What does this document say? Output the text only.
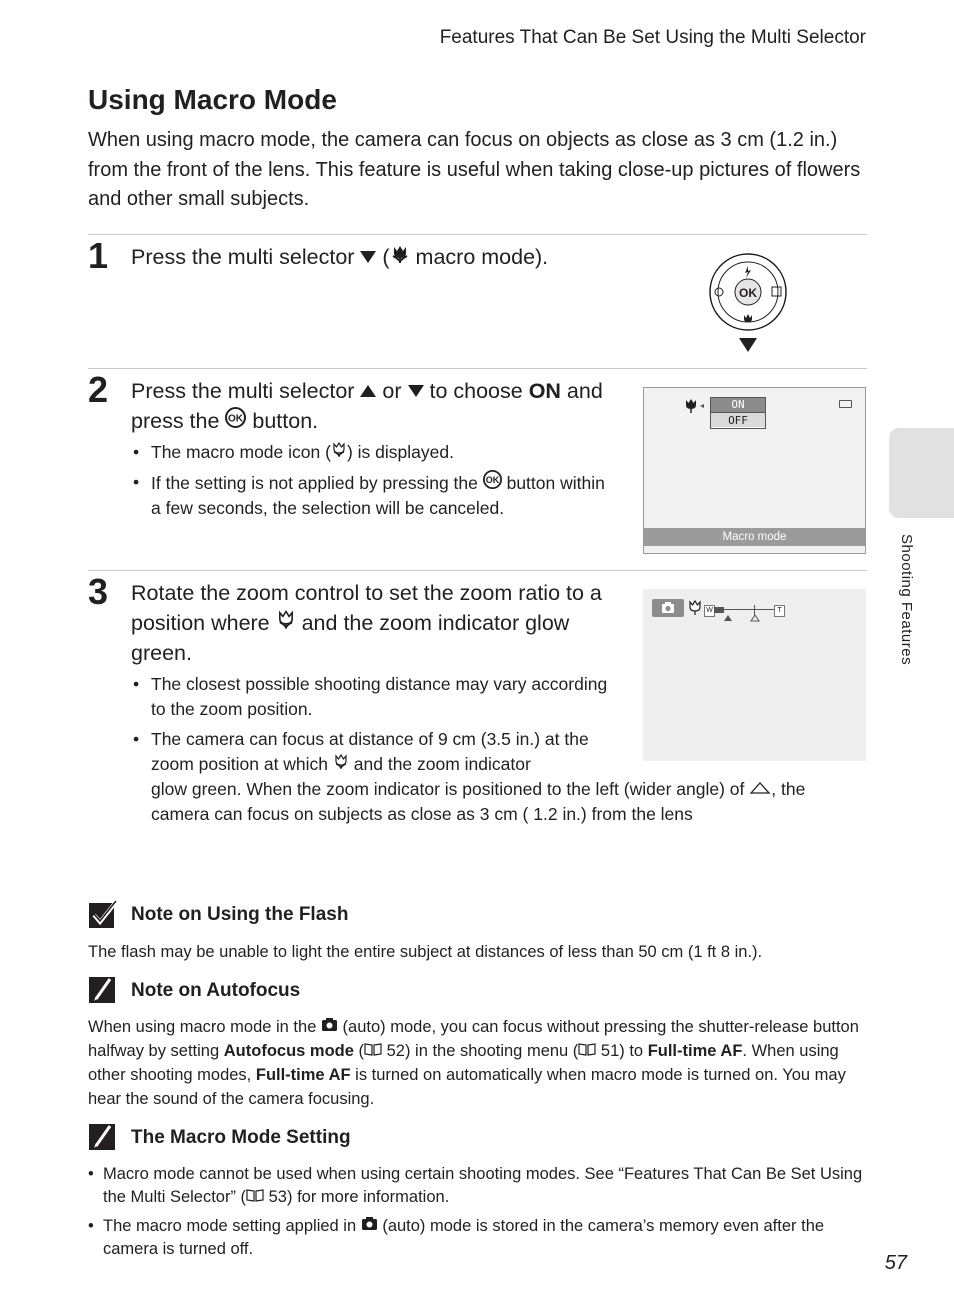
Features That Can Be Set Using the Multi Selector
Using Macro Mode

When using macro mode, the camera can focus on objects as close as 3 cm (1.2 in.) from the front of the lens. This feature is useful when taking close-up pictures of flowers and other small subjects.

1 Press the multi selector  ( macro mode).
OK
2 Press the multi selector  or  to choose ON and press the OK button.
• The macro mode icon ( ) is displayed.
• If the setting is not applied by pressing the OK button within a few seconds, the selection will be canceled.
ON
OFF
Macro mode
3 Rotate the zoom control to set the zoom ratio to a position where  and the zoom indicator glow green.
• The closest possible shooting distance may vary according to the zoom position.
• The camera can focus at distance of 9 cm (3.5 in.) at the zoom position at which  and the zoom indicator
glow green. When the zoom indicator is positioned to the left (wider angle) of , the camera can focus on subjects as close as 3 cm ( 1.2 in.) from the lens
W	T
Note on Using the Flash

The flash may be unable to light the entire subject at distances of less than 50 cm (1 ft 8 in.).

Note on Autofocus

When using macro mode in the  (auto) mode, you can focus without pressing the shutter-release button halfway by setting Autofocus mode ( 52) in the shooting menu ( 51) to Full-time AF. When using other shooting modes, Full-time AF is turned on automatically when macro mode is turned on. You may hear the sound of the camera focusing.

The Macro Mode Setting
• Macro mode cannot be used when using certain shooting modes. See “Features That Can Be Set Using the Multi Selector” ( 53) for more information.
• The macro mode setting applied in  (auto) mode is stored in the camera’s memory even after the camera is turned off.
Shooting Features
57
